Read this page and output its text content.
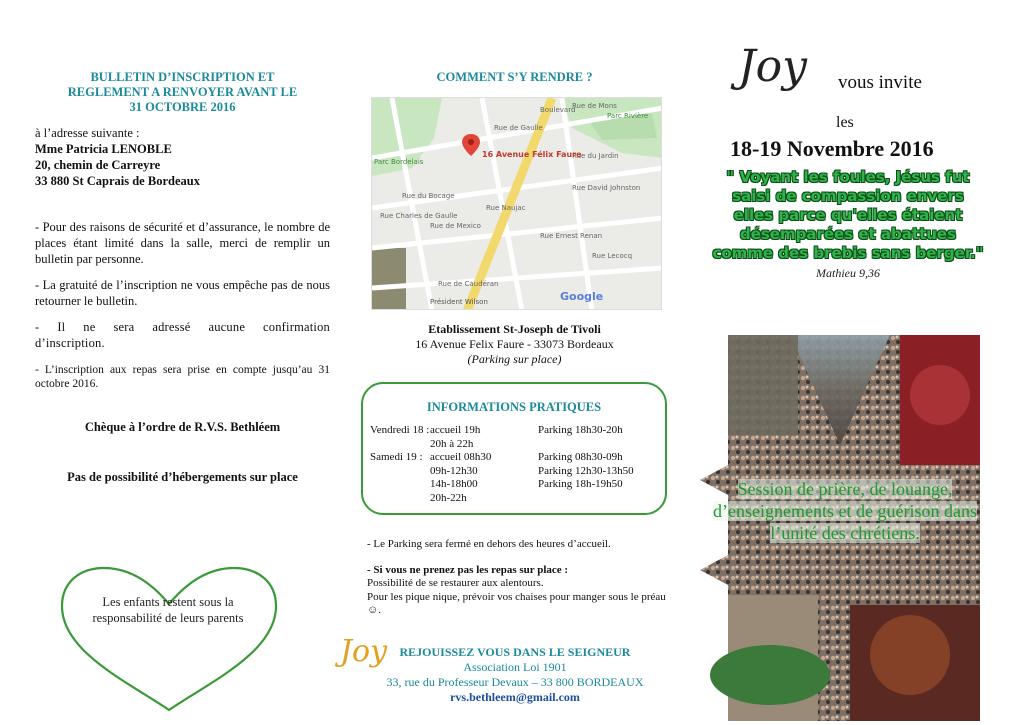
BULLETIN D’INSCRIPTION ET
REGLEMENT A RENVOYER AVANT LE
31 OCTOBRE 2016
à l’adresse suivante :
Mme Patricia LENOBLE
20, chemin de Carreyre
33 880 St Caprais de Bordeaux

- Pour des raisons de sécurité et d’assurance, le nombre de places étant limité dans la salle, merci de remplir un bulletin par personne.

- La gratuité de l’inscription ne vous empêche pas de nous retourner le bulletin.

- Il ne sera adressé aucune confirmation d’inscription.

- L’inscription aux repas sera prise en compte jusqu’au 31 octobre 2016.

Chèque à l’ordre de R.V.S. Bethléem

Pas de possibilité d’hébergements sur place

Les enfants restent sous la responsabilité de leurs parents
COMMENT S’Y RENDRE ?
Rue de Gaulle
Rue Charles de Gaulle
Parc Bordelais
Rue du Bocage
Rue de Mexico
Rue Naujac
Rue Ernest Renan
Rue David Johnston
Rue de Caudéran
Président Wilson
Boulevard
Parc Rivière
Rue de Mons
Rue Lecocq
Rue du Jardin
16 Avenue Félix Faure
Google
Etablissement St-Joseph de Tivoli
16 Avenue Felix Faure - 33073 Bordeaux
(Parking sur place)
INFORMATIONS PRATIQUES
Vendredi 18 : accueil 19h	Parking 18h30-20h
20h à 22h
Samedi 19 : accueil 08h30	Parking 08h30-09h
09h-12h30	Parking 12h30-13h50
14h-18h00	Parking 18h-19h50
20h-22h
- Le Parking sera fermé en dehors des heures d’accueil.
- Si vous ne prenez pas les repas sur place :
Possibilité de se restaurer aux alentours.
Pour les pique nique, prévoir vos chaises pour manger sous le préau ☺.
Joy	REJOUISSEZ VOUS DANS LE SEIGNEUR
Association Loi 1901
33, rue du Professeur Devaux – 33 800 BORDEAUX
rvs.bethleem@gmail.com
Joy vous invite
les
18-19 Novembre 2016
" Voyant les foules, Jésus fut saisi de compassion envers elles parce qu'elles étaient désemparées et abattues comme des brebis sans berger." Mathieu 9,36
Session de prière, de louange, d’enseignements et de guérison dans l’unité des chrétiens.
